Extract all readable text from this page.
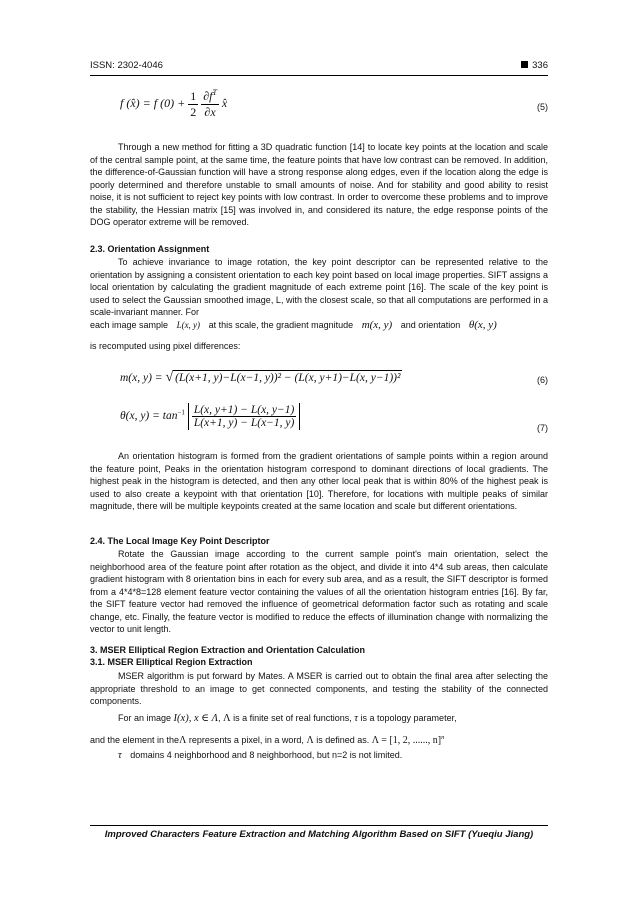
ISSN: 2302-4046	336
f (x̂) = f $(0) + \frac{1}{2}$
$\frac{\partial f^T}{\partial x}$ x̂	(5)
Through a new method for fitting a 3D quadratic function [14] to locate key points at the location and scale of the central sample point, at the same time, the feature points that have low contrast can be removed. In addition, the difference-of-Gaussian function will have a strong response along edges, even if the location along the edge is poorly determined and therefore unstable to small amounts of noise. And for stability and good ability to resist noise, it is not sufficient to reject key points with low contrast. In order to overcome these problems and to improve the stability, the Hessian matrix [15] was involved in, and considered its nature, the edge response points of the DOG operator extreme will be removed.
2.3. Orientation Assignment
To achieve invariance to image rotation, the key point descriptor can be represented relative to the orientation by assigning a consistent orientation to each key point based on local image properties. SIFT assigns a local orientation by calculating the gradient magnitude of each extreme point [16]. The scale of the key point is used to select the Gaussian smoothed image, L, with the closest scale, so that all computations are performed in a scale-invariant manner. For
each image sample L(x, y) at this scale, the gradient magnitude m(x, y) and orientation θ(x, y)
is recomputed using pixel differences:
m(x, y) = √ (L(x+1, y)−L(x−1, y))² − (L(x, y+1)−L(x, y−1))²	(6)
θ(x, $y) = \tan^{-1} \frac{L(x, y+1) - L(x, y-1)}{L(x+1, y) - L(x-1, y)}$	(7)
An orientation histogram is formed from the gradient orientations of sample points within a region around the feature point, Peaks in the orientation histogram correspond to dominant directions of local gradients. The highest peak in the histogram is detected, and then any other local peak that is within 80% of the highest peak is used to also create a keypoint with that orientation [10]. Therefore, for locations with multiple peaks of similar magnitude, there will be multiple keypoints created at the same location and scale but different orientations.
2.4. The Local Image Key Point Descriptor
Rotate the Gaussian image according to the current sample point's main orientation, select the neighborhood area of the feature point after rotation as the object, and divide it into 4*4 sub areas, then calculate gradient histogram with 8 orientation bins in each for every sub area, and as a result, the SIFT descriptor is formed from a 4*4*8=128 element feature vector containing the values of all the orientation histogram entries [16]. By far, the SIFT feature vector had removed the influence of geometrical deformation factor such as rotating and scale change, etc. Finally, the feature vector is modified to reduce the effects of illumination change with normalizing the vector to unit length.
3. MSER Elliptical Region Extraction and Orientation Calculation
3.1. MSER Elliptical Region Extraction
MSER algorithm is put forward by Mates. A MSER is carried out to obtain the final area after selecting the appropriate threshold to an image to get connected components, and testing the stability of the connected components.
For an image I(x), x ∈ Λ, Λ is a finite set of real functions, τ is a topology parameter,
and the element in theΛ represents a pixel, in a word, Λ is defined as. Λ = [1, 2, ......, n]$^n$
τ domains 4 neighborhood and 8 neighborhood, but n=2 is not limited.
Improved Characters Feature Extraction and Matching Algorithm Based on SIFT (Yueqiu Jiang)
